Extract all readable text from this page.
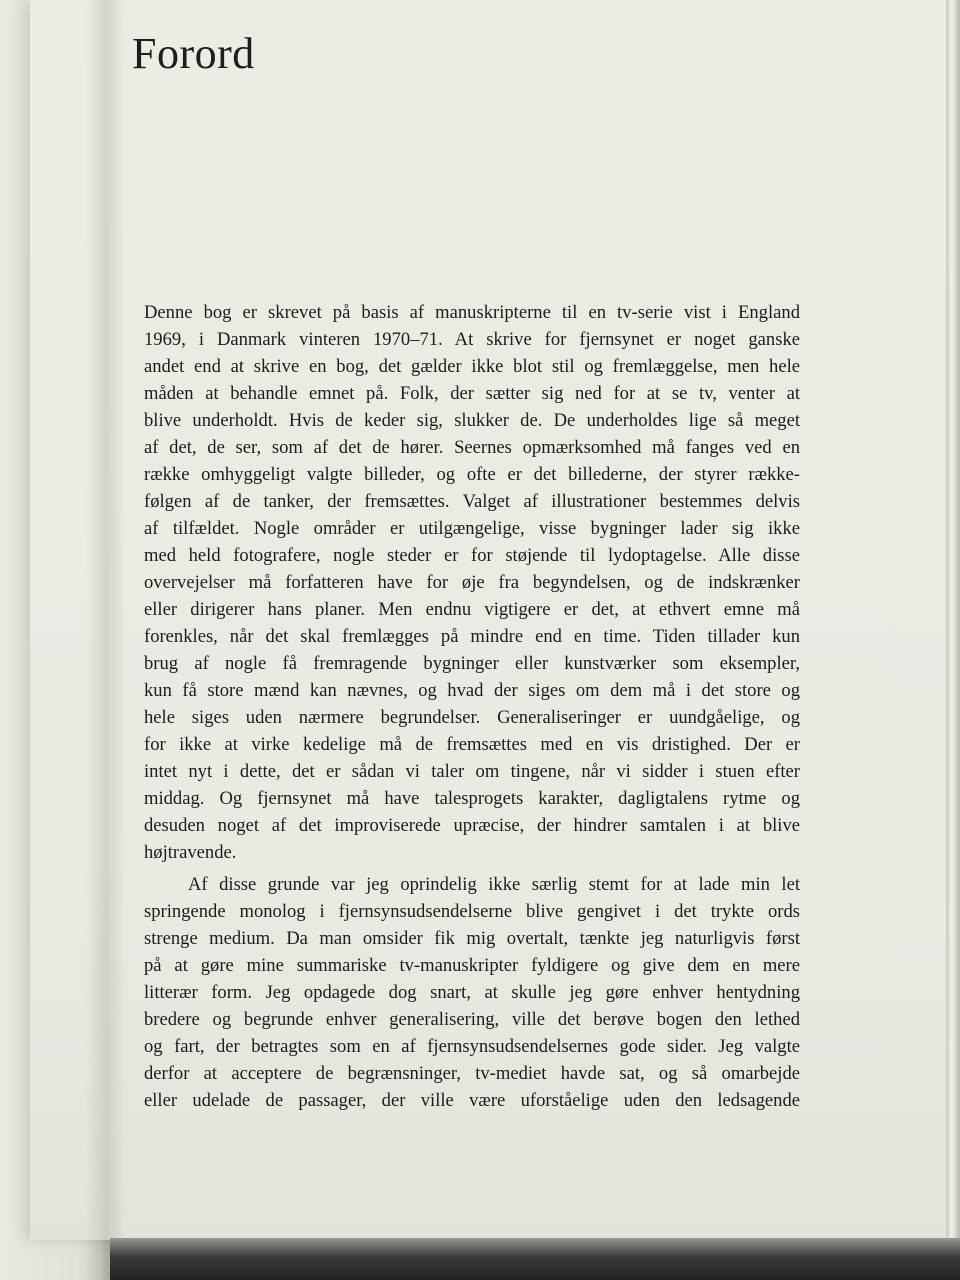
Forord
Denne bog er skrevet på basis af manuskripterne til en tv-serie vist i England
1969, i Danmark vinteren 1970–71. At skrive for fjernsynet er noget ganske
andet end at skrive en bog, det gælder ikke blot stil og fremlæggelse, men hele
måden at behandle emnet på. Folk, der sætter sig ned for at se tv, venter at
blive underholdt. Hvis de keder sig, slukker de. De underholdes lige så meget
af det, de ser, som af det de hører. Seernes opmærksomhed må fanges ved en
række omhyggeligt valgte billeder, og ofte er det billederne, der styrer række-
følgen af de tanker, der fremsættes. Valget af illustrationer bestemmes delvis
af tilfældet. Nogle områder er utilgængelige, visse bygninger lader sig ikke
med held fotografere, nogle steder er for støjende til lydoptagelse. Alle disse
overvejelser må forfatteren have for øje fra begyndelsen, og de indskrænker
eller dirigerer hans planer. Men endnu vigtigere er det, at ethvert emne må
forenkles, når det skal fremlægges på mindre end en time. Tiden tillader kun
brug af nogle få fremragende bygninger eller kunstværker som eksempler,
kun få store mænd kan nævnes, og hvad der siges om dem må i det store og
hele siges uden nærmere begrundelser. Generaliseringer er uundgåelige, og
for ikke at virke kedelige må de fremsættes med en vis dristighed. Der er
intet nyt i dette, det er sådan vi taler om tingene, når vi sidder i stuen efter
middag. Og fjernsynet må have talesprogets karakter, dagligtalens rytme og
desuden noget af det improviserede upræcise, der hindrer samtalen i at blive
højtravende.
Af disse grunde var jeg oprindelig ikke særlig stemt for at lade min let
springende monolog i fjernsynsudsendelserne blive gengivet i det trykte ords
strenge medium. Da man omsider fik mig overtalt, tænkte jeg naturligvis først
på at gøre mine summariske tv-manuskripter fyldigere og give dem en mere
litterær form. Jeg opdagede dog snart, at skulle jeg gøre enhver hentydning
bredere og begrunde enhver generalisering, ville det berøve bogen den lethed
og fart, der betragtes som en af fjernsynsudsendelsernes gode sider. Jeg valgte
derfor at acceptere de begrænsninger, tv-mediet havde sat, og så omarbejde
eller udelade de passager, der ville være uforståelige uden den ledsagende
